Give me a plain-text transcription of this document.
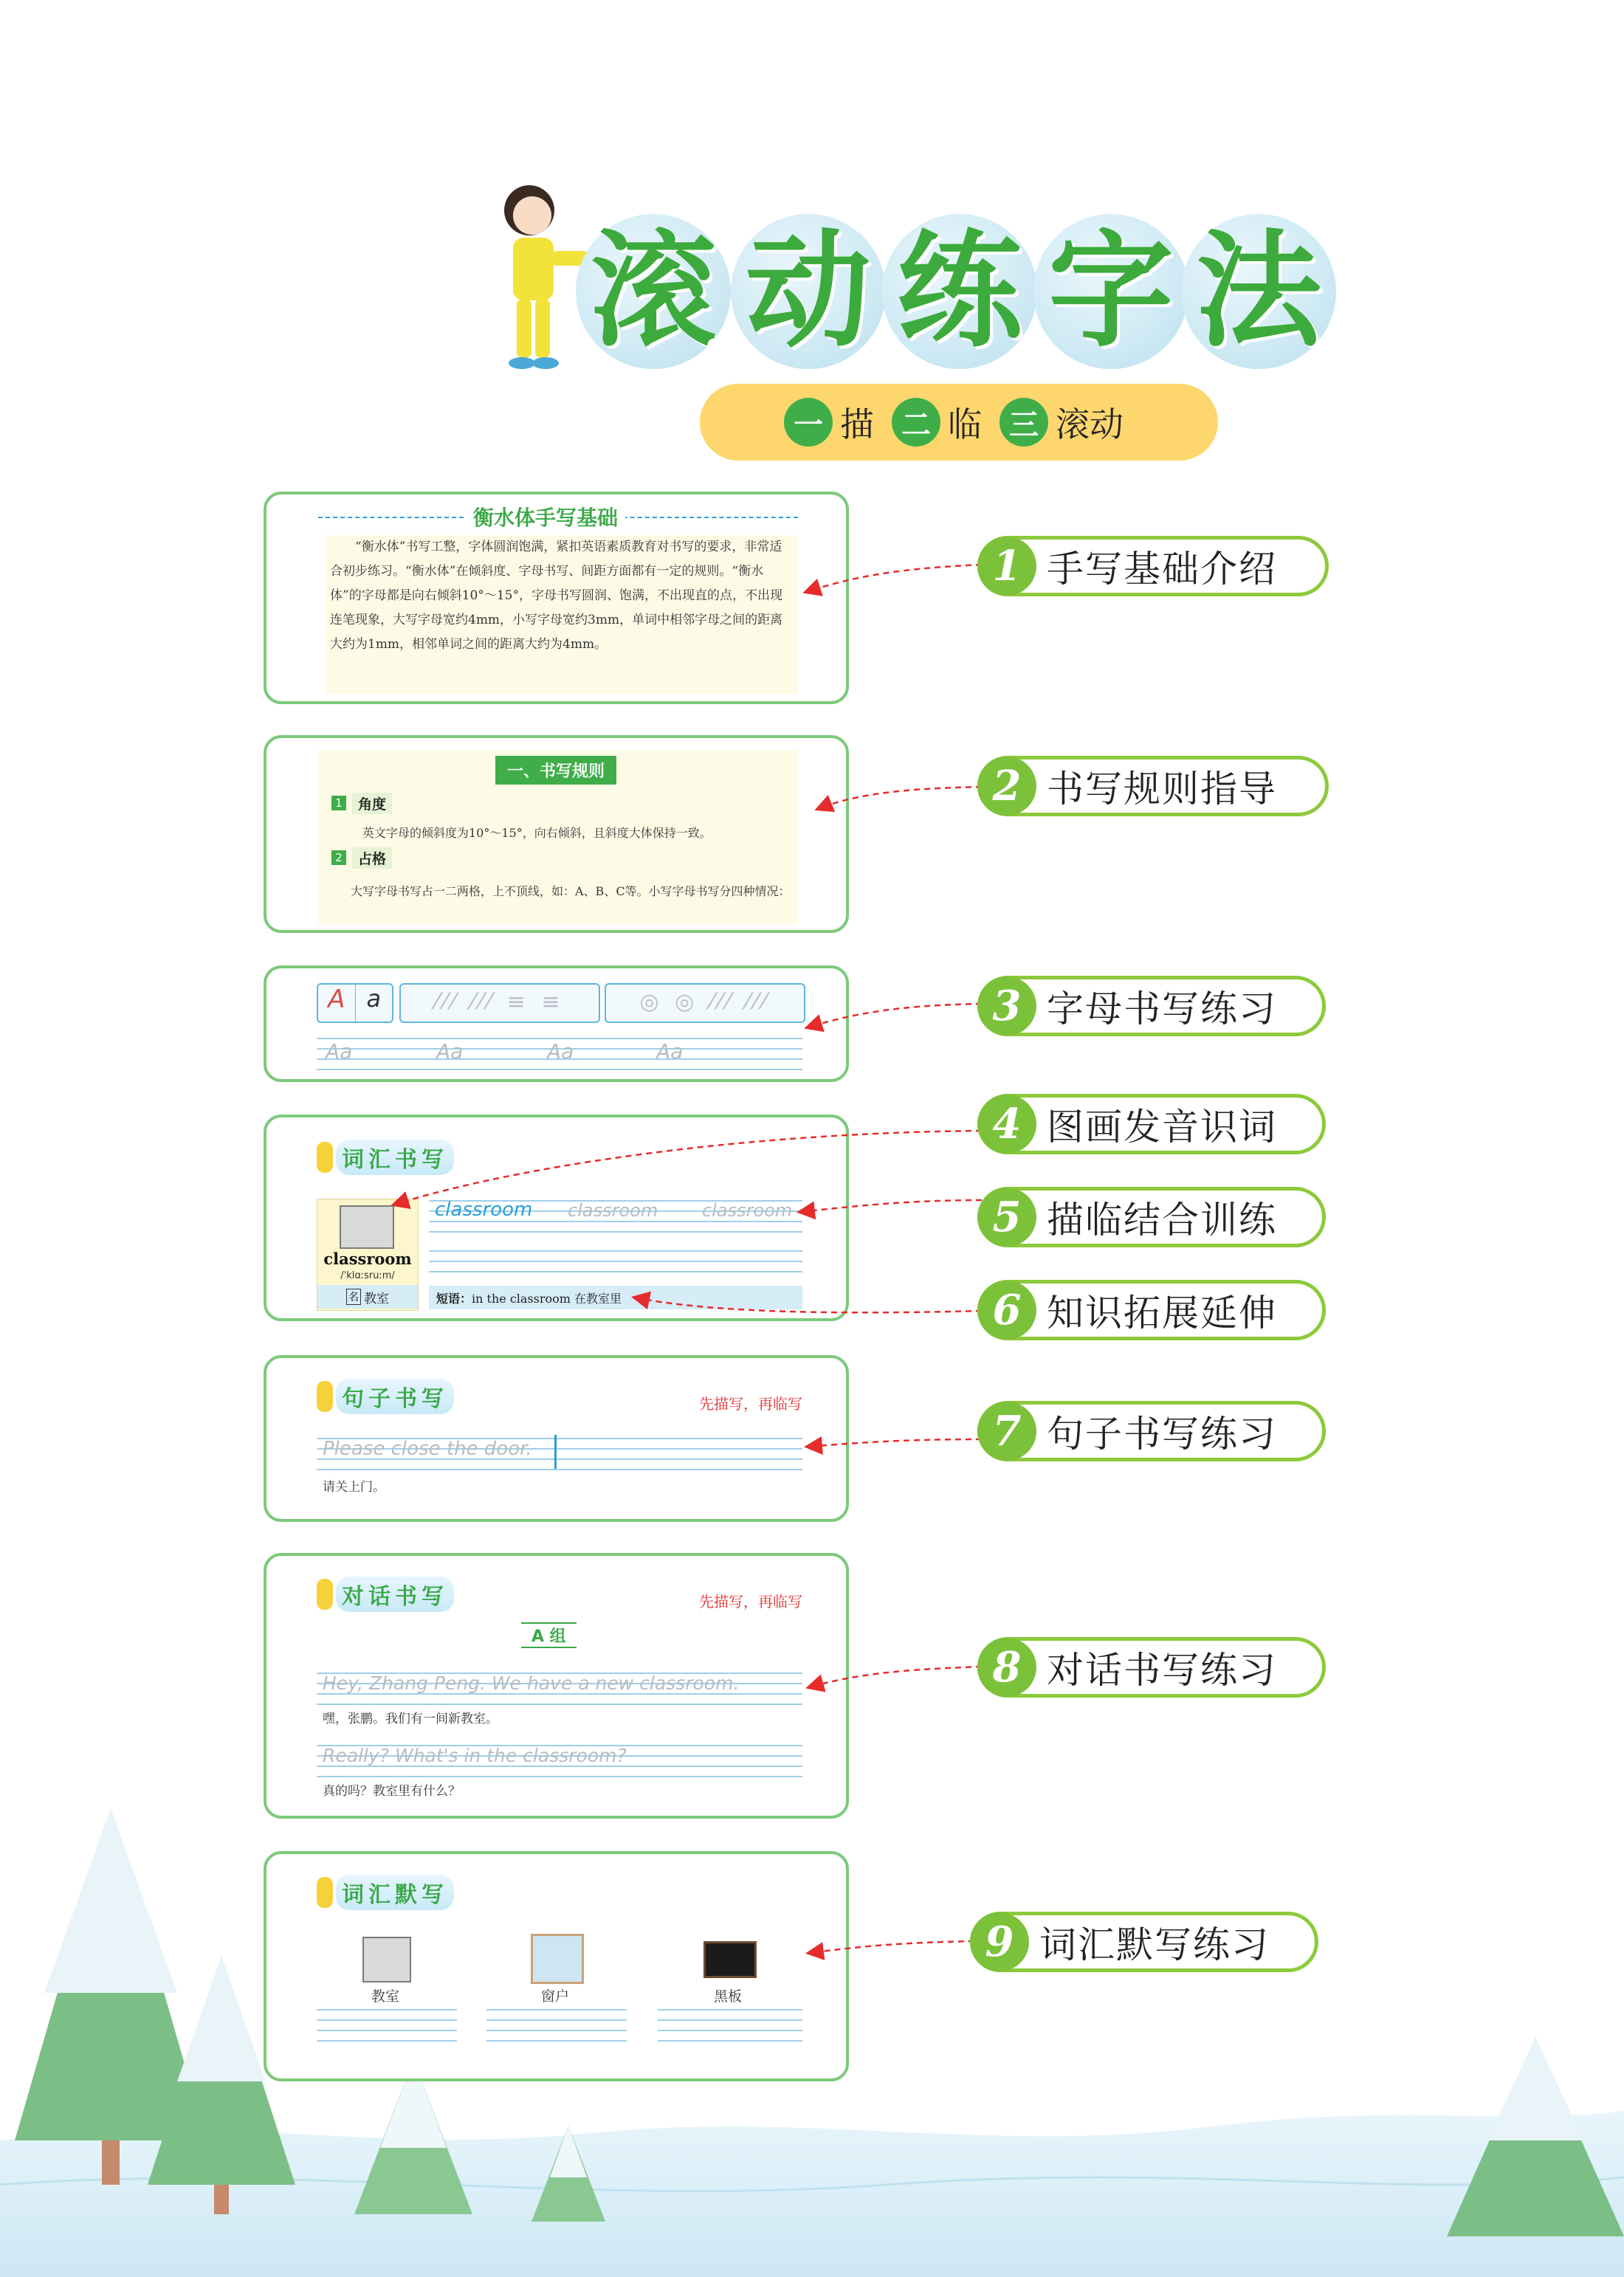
滚 动 练 字 法
一 描 二 临 三 滚动
衡水体手写基础
“衡水体”书写工整，字体圆润饱满，紧扣英语素质教育对书写的要求，非常适合初步练习。“衡水体”在倾斜度、字母书写、间距方面都有一定的规则。“衡水体”的字母都是向右倾斜10°～15°，字母书写圆润、饱满，不出现直的点，不出现连笔现象，大写字母宽约4mm，小写字母宽约3mm，单词中相邻字母之间的距离大约为1mm，相邻单词之间的距离大约为4mm。
一、书写规则
1	角度
英文字母的倾斜度为10°～15°，向右倾斜，且斜度大体保持一致。
2	占格
大写字母书写占一二两格，上不顶线，如：A、B、C等。小写字母书写分四种情况：
A a	⁄⁄⁄ ⁄⁄⁄ ≡ ≡	◎ ◎ ⁄⁄⁄ ⁄⁄⁄
Aa	Aa	Aa	Aa
词汇书写
classroom
/ˈklɑːsruːm/
名 教室
classroom classroom classroom
短语： in the classroom 在教室里
句子书写	先描写，再临写
Please close the door.
请关上门。
对话书写	先描写，再临写
A 组
Hey, Zhang Peng. We have a new classroom.
嘿，张鹏。我们有一间新教室。
Really? What's in the classroom?
真的吗？教室里有什么？
词汇默写
教室	窗户	黑板
1 手写基础介绍
2 书写规则指导
3 字母书写练习
4 图画发音识词
5 描临结合训练
6 知识拓展延伸
7 句子书写练习
8 对话书写练习
9 词汇默写练习
